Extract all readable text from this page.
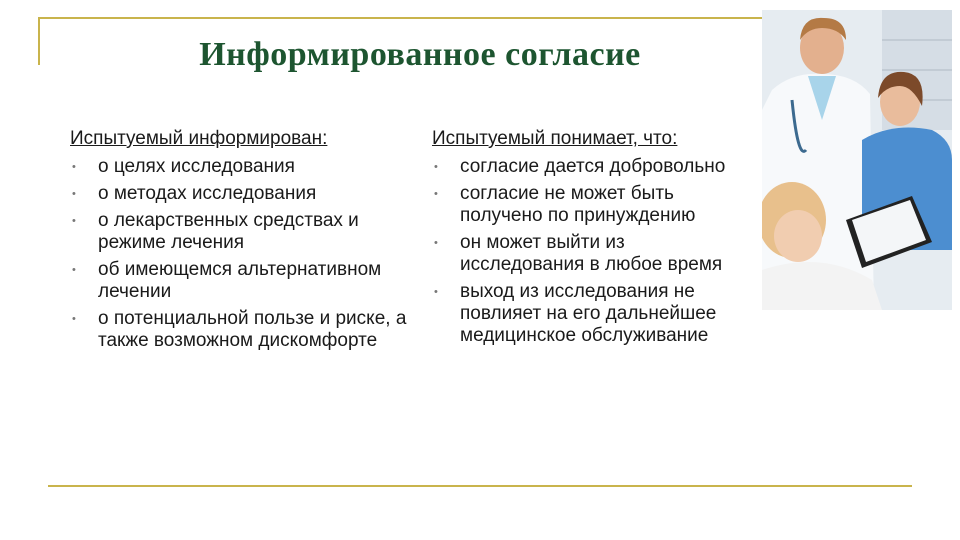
Информированное согласие
Испытуемый информирован:
• о целях исследования
• о методах исследования
• о лекарственных средствах и режиме лечения
• об имеющемся альтернативном лечении
• о потенциальной пользе и риске, а также возможном дискомфорте
Испытуемый понимает, что:
• согласие дается добровольно
• согласие не может быть получено по принуждению
• он может выйти из исследования в любое время
• выход из исследования не повлияет на его дальнейшее медицинское обслуживание
